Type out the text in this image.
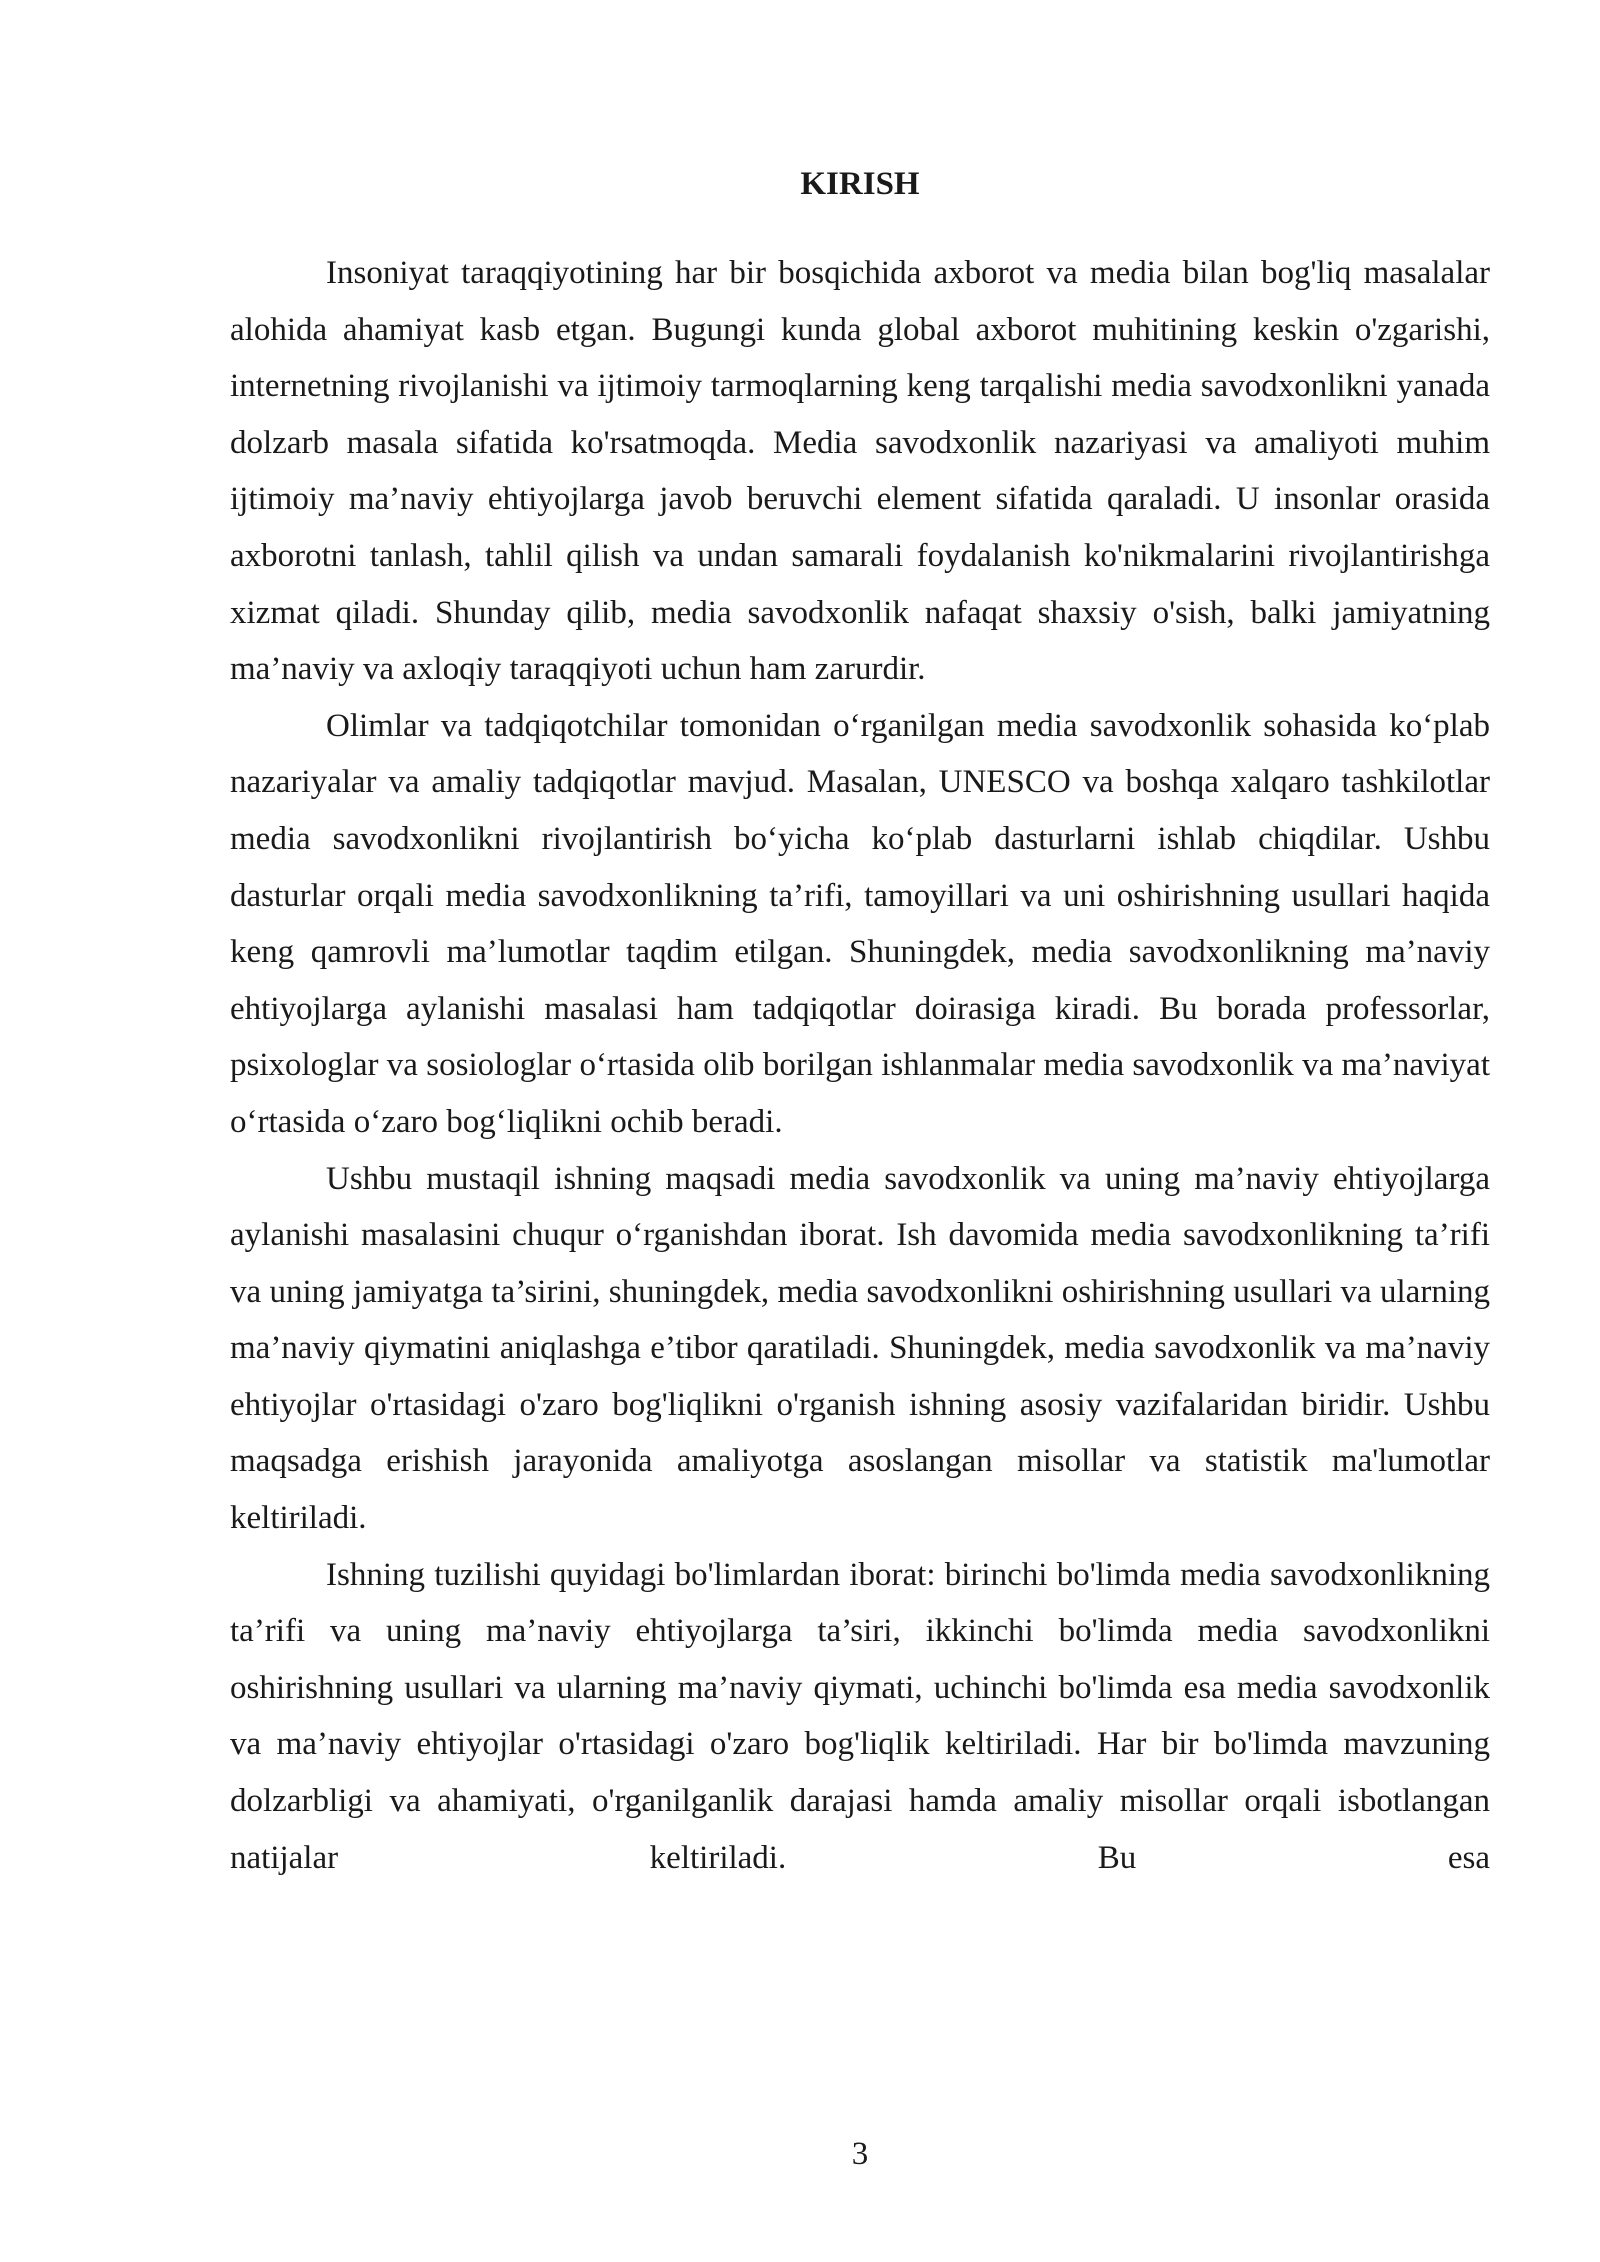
KIRISH

Insoniyat taraqqiyotining har bir bosqichida axborot va media bilan bog'liq masalalar alohida ahamiyat kasb etgan. Bugungi kunda global axborot muhitining keskin o'zgarishi, internetning rivojlanishi va ijtimoiy tarmoqlarning keng tarqalishi media savodxonlikni yanada dolzarb masala sifatida ko'rsatmoqda. Media savodxonlik nazariyasi va amaliyoti muhim ijtimoiy ma’naviy ehtiyojlarga javob beruvchi element sifatida qaraladi. U insonlar orasida axborotni tanlash, tahlil qilish va undan samarali foydalanish ko'nikmalarini rivojlantirishga xizmat qiladi. Shunday qilib, media savodxonlik nafaqat shaxsiy o'sish, balki jamiyatning ma’naviy va axloqiy taraqqiyoti uchun ham zarurdir.

Olimlar va tadqiqotchilar tomonidan o‘rganilgan media savodxonlik sohasida ko‘plab nazariyalar va amaliy tadqiqotlar mavjud. Masalan, UNESCO va boshqa xalqaro tashkilotlar media savodxonlikni rivojlantirish bo‘yicha ko‘plab dasturlarni ishlab chiqdilar. Ushbu dasturlar orqali media savodxonlikning ta’rifi, tamoyillari va uni oshirishning usullari haqida keng qamrovli ma’lumotlar taqdim etilgan. Shuningdek, media savodxonlikning ma’naviy ehtiyojlarga aylanishi masalasi ham tadqiqotlar doirasiga kiradi. Bu borada professorlar, psixologlar va sosiologlar o‘rtasida olib borilgan ishlanmalar media savodxonlik va ma’naviyat o‘rtasida o‘zaro bog‘liqlikni ochib beradi.

Ushbu mustaqil ishning maqsadi media savodxonlik va uning ma’naviy ehtiyojlarga aylanishi masalasini chuqur o‘rganishdan iborat. Ish davomida media savodxonlikning ta’rifi va uning jamiyatga ta’sirini, shuningdek, media savodxonlikni oshirishning usullari va ularning ma’naviy qiymatini aniqlashga e’tibor qaratiladi. Shuningdek, media savodxonlik va ma’naviy ehtiyojlar o'rtasidagi o'zaro bog'liqlikni o'rganish ishning asosiy vazifalaridan biridir. Ushbu maqsadga erishish jarayonida amaliyotga asoslangan misollar va statistik ma'lumotlar keltiriladi.

Ishning tuzilishi quyidagi bo'limlardan iborat: birinchi bo'limda media savodxonlikning ta’rifi va uning ma’naviy ehtiyojlarga ta’siri, ikkinchi bo'limda media savodxonlikni oshirishning usullari va ularning ma’naviy qiymati, uchinchi bo'limda esa media savodxonlik va ma’naviy ehtiyojlar o'rtasidagi o'zaro bog'liqlik keltiriladi. Har bir bo'limda mavzuning dolzarbligi va ahamiyati, o'rganilganlik darajasi hamda amaliy misollar orqali isbotlangan natijalar keltiriladi. Bu esa

3
